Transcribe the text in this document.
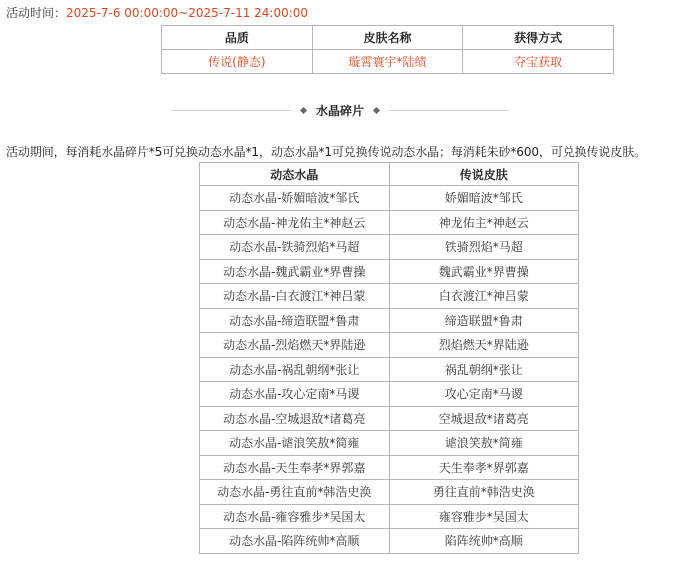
活动时间：2025-7-6 00:00:00~2025-7-11 24:00:00
品质	皮肤名称	获得方式
传说(静态)	璇霄寰宇*陆绩	夺宝获取
水晶碎片
活动期间，每消耗水晶碎片*5可兑换动态水晶*1，动态水晶*1可兑换传说动态水晶；每消耗朱砂*600，可兑换传说皮肤。
动态水晶	传说皮肤
动态水晶-娇媚暗波*邹氏	娇媚暗波*邹氏
动态水晶-神龙佑主*神赵云	神龙佑主*神赵云
动态水晶-铁骑烈焰*马超	铁骑烈焰*马超
动态水晶-魏武霸业*界曹操	魏武霸业*界曹操
动态水晶-白衣渡江*神吕蒙	白衣渡江*神吕蒙
动态水晶-缔造联盟*鲁肃	缔造联盟*鲁肃
动态水晶-烈焰燃天*界陆逊	烈焰燃天*界陆逊
动态水晶-祸乱朝纲*张让	祸乱朝纲*张让
动态水晶-攻心定南*马谡	攻心定南*马谡
动态水晶-空城退敌*诸葛亮	空城退敌*诸葛亮
动态水晶-谑浪笑敖*简雍	谑浪笑敖*简雍
动态水晶-天生奉孝*界郭嘉	天生奉孝*界郭嘉
动态水晶-勇往直前*韩浩史涣	勇往直前*韩浩史涣
动态水晶-雍容雅步*吴国太	雍容雅步*吴国太
动态水晶-陷阵统帅*高顺	陷阵统帅*高顺
